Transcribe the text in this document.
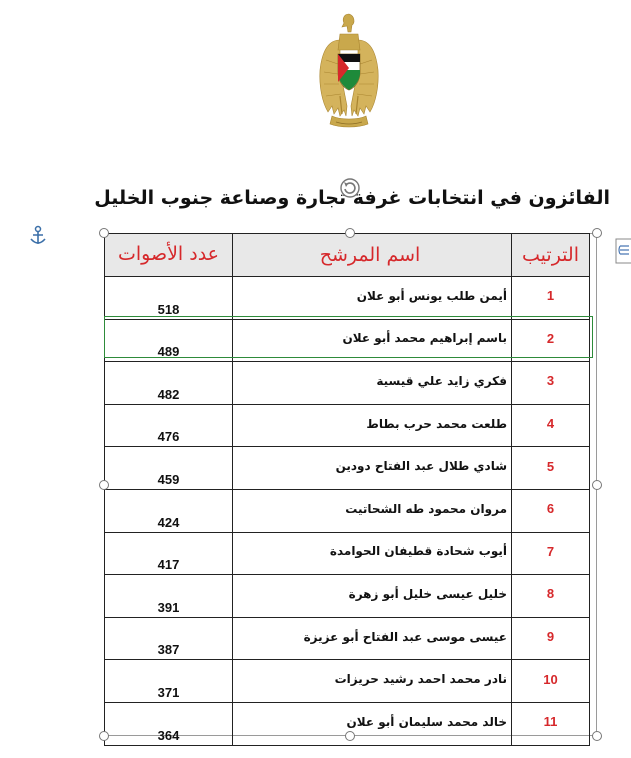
الفائزون في انتخابات غرفة تجارة وصناعة جنوب الخليل
الترتيب	اسم المرشح	عدد الأصوات
1	أيمن طلب يونس أبو علان	518
2	باسم إبراهيم محمد أبو علان	489
3	فكري زايد علي قيسية	482
4	طلعت محمد حرب بطاط	476
5	شادي طلال عبد الفتاح دودين	459
6	مروان محمود طه الشحاتيت	424
7	أيوب شحادة قطيفان الحوامدة	417
8	خليل عيسى خليل أبو زهرة	391
9	عيسى موسى عبد الفتاح أبو عزيزة	387
10	نادر محمد احمد رشيد حريزات	371
11	خالد محمد سليمان أبو علان	364
